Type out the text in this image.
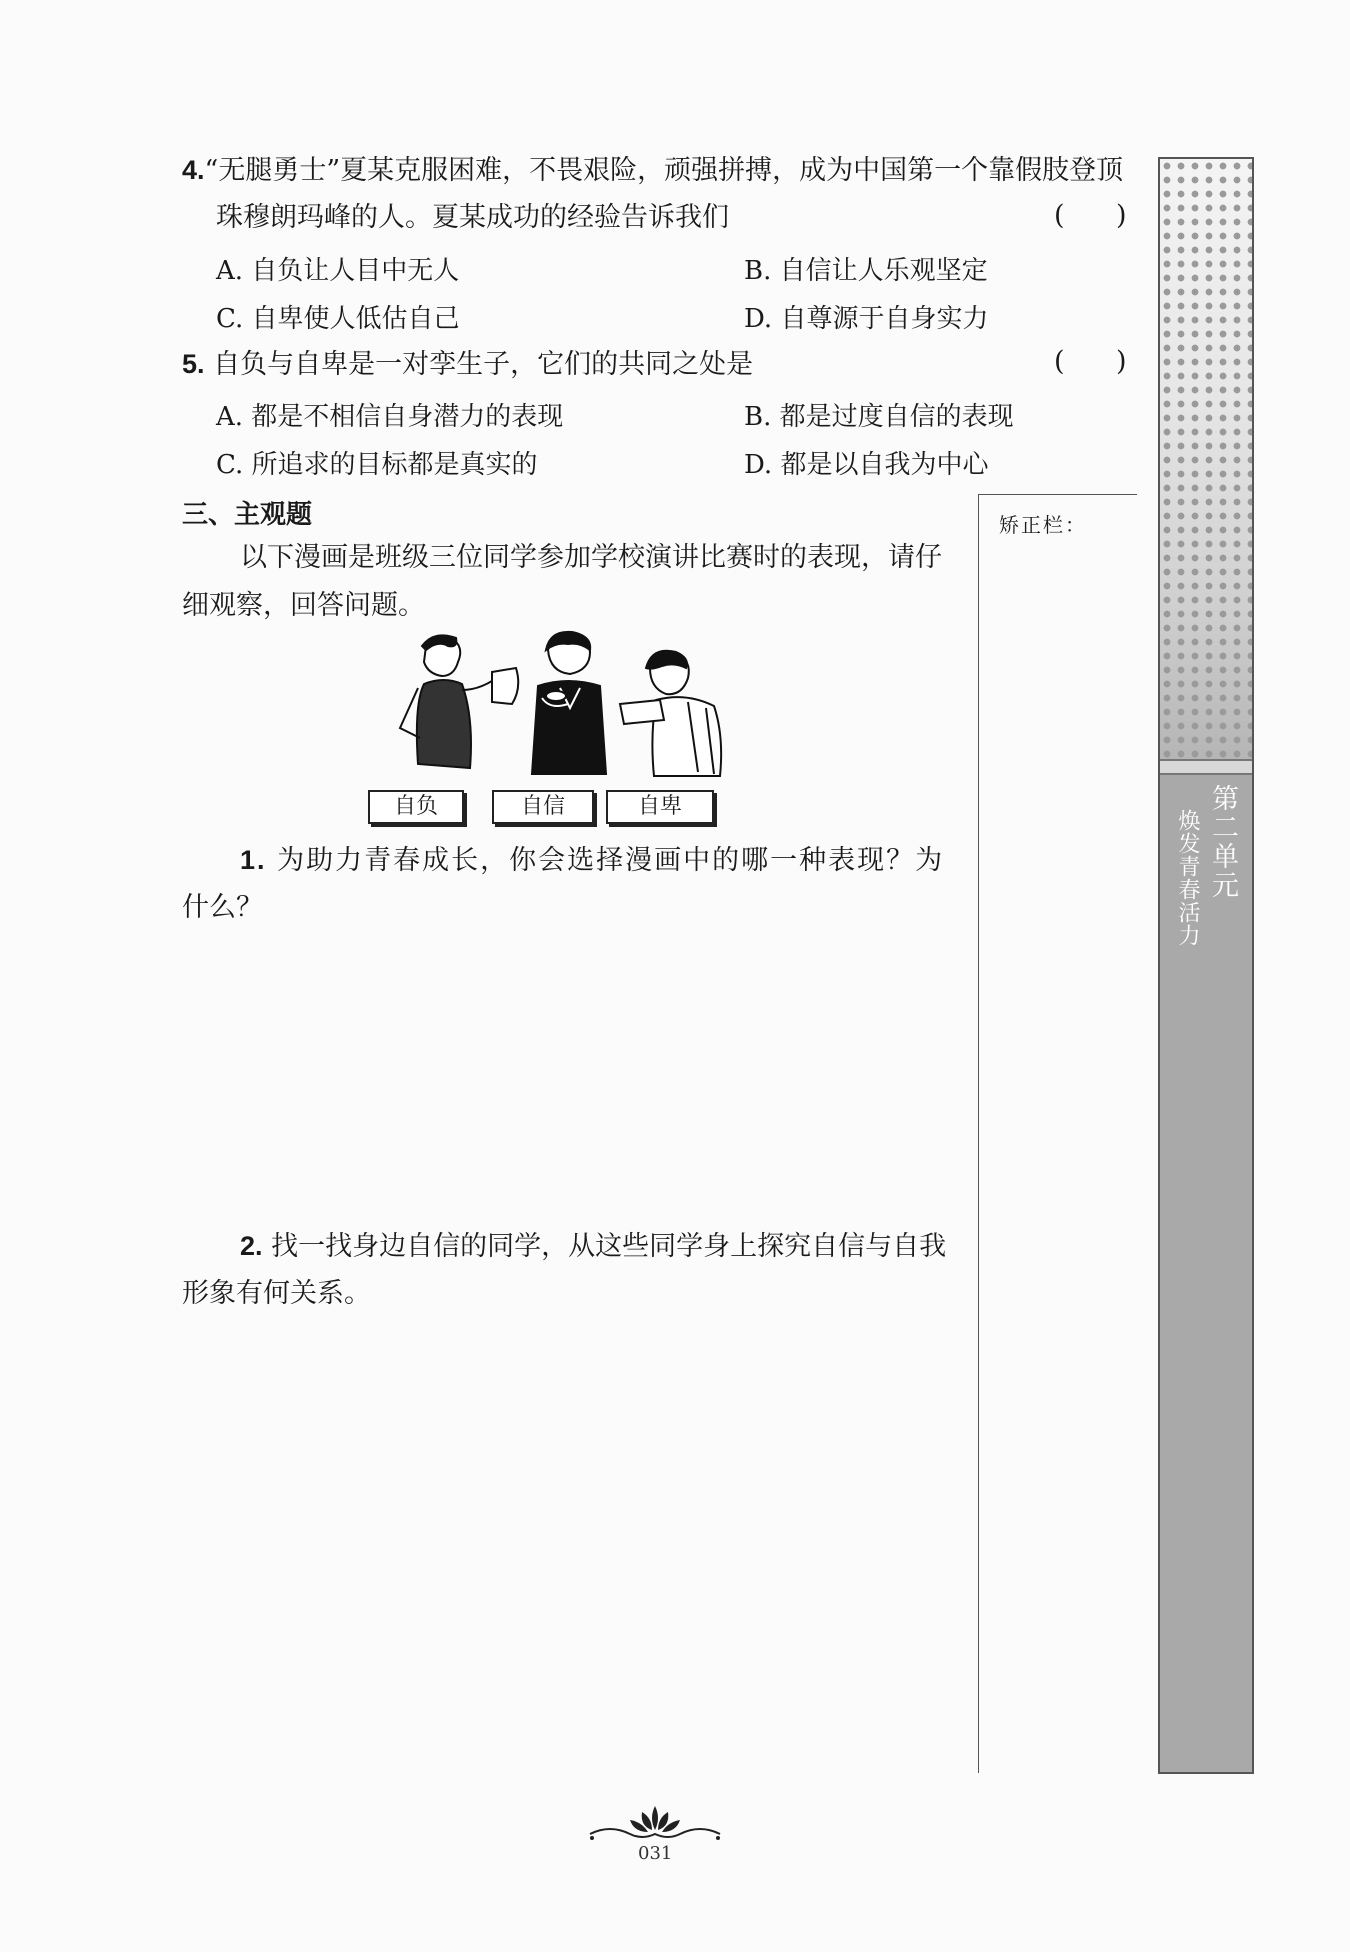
4.“无腿勇士”夏某克服困难，不畏艰险，顽强拼搏，成为中国第一个靠假肢登顶
珠穆朗玛峰的人。夏某成功的经验告诉我们	(      )
A. 自负让人目中无人	B. 自信让人乐观坚定
C. 自卑使人低估自己	D. 自尊源于自身实力
5. 自负与自卑是一对孪生子，它们的共同之处是	(      )
A. 都是不相信自身潜力的表现	B. 都是过度自信的表现
C. 所追求的目标都是真实的	D. 都是以自我为中心
三、主观题
以下漫画是班级三位同学参加学校演讲比赛时的表现，请仔
细观察，回答问题。
自负	自信	自卑
1. 为助力青春成长，你会选择漫画中的哪一种表现？为
什么？
2. 找一找身边自信的同学，从这些同学身上探究自信与自我
形象有何关系。
矫正栏：
第二单元
焕发青春活力
031
